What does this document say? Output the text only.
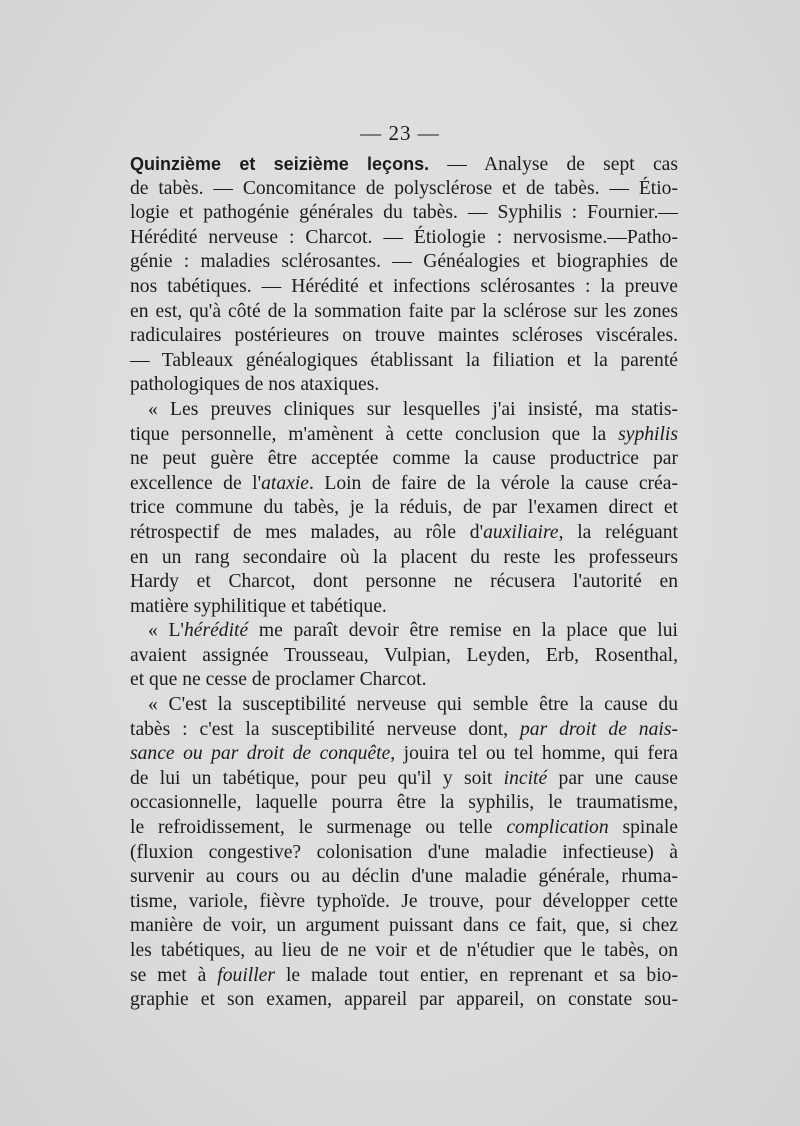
— 23 —
Quinzième et seizième leçons. — Analyse de sept cas
de tabès. — Concomitance de polysclérose et de tabès. — Étio-
logie et pathogénie générales du tabès. — Syphilis : Fournier.—
Hérédité nerveuse : Charcot. — Étiologie : nervosisme.—Patho-
génie : maladies sclérosantes. — Généalogies et biographies de
nos tabétiques. — Hérédité et infections sclérosantes : la preuve
en est, qu'à côté de la sommation faite par la sclérose sur les zones
radiculaires postérieures on trouve maintes scléroses viscérales.
— Tableaux généalogiques établissant la filiation et la parenté
pathologiques de nos ataxiques.
« Les preuves cliniques sur lesquelles j'ai insisté, ma statis-
tique personnelle, m'amènent à cette conclusion que la syphilis
ne peut guère être acceptée comme la cause productrice par
excellence de l'ataxie. Loin de faire de la vérole la cause créa-
trice commune du tabès, je la réduis, de par l'examen direct et
rétrospectif de mes malades, au rôle d'auxiliaire, la reléguant
en un rang secondaire où la placent du reste les professeurs
Hardy et Charcot, dont personne ne récusera l'autorité en
matière syphilitique et tabétique.
« L'hérédité me paraît devoir être remise en la place que lui
avaient assignée Trousseau, Vulpian, Leyden, Erb, Rosenthal,
et que ne cesse de proclamer Charcot.
« C'est la susceptibilité nerveuse qui semble être la cause du
tabès : c'est la susceptibilité nerveuse dont, par droit de nais-
sance ou par droit de conquête, jouira tel ou tel homme, qui fera
de lui un tabétique, pour peu qu'il y soit incité par une cause
occasionnelle, laquelle pourra être la syphilis, le traumatisme,
le refroidissement, le surmenage ou telle complication spinale
(fluxion congestive? colonisation d'une maladie infectieuse) à
survenir au cours ou au déclin d'une maladie générale, rhuma-
tisme, variole, fièvre typhoïde. Je trouve, pour développer cette
manière de voir, un argument puissant dans ce fait, que, si chez
les tabétiques, au lieu de ne voir et de n'étudier que le tabès, on
se met à fouiller le malade tout entier, en reprenant et sa bio-
graphie et son examen, appareil par appareil, on constate sou-
